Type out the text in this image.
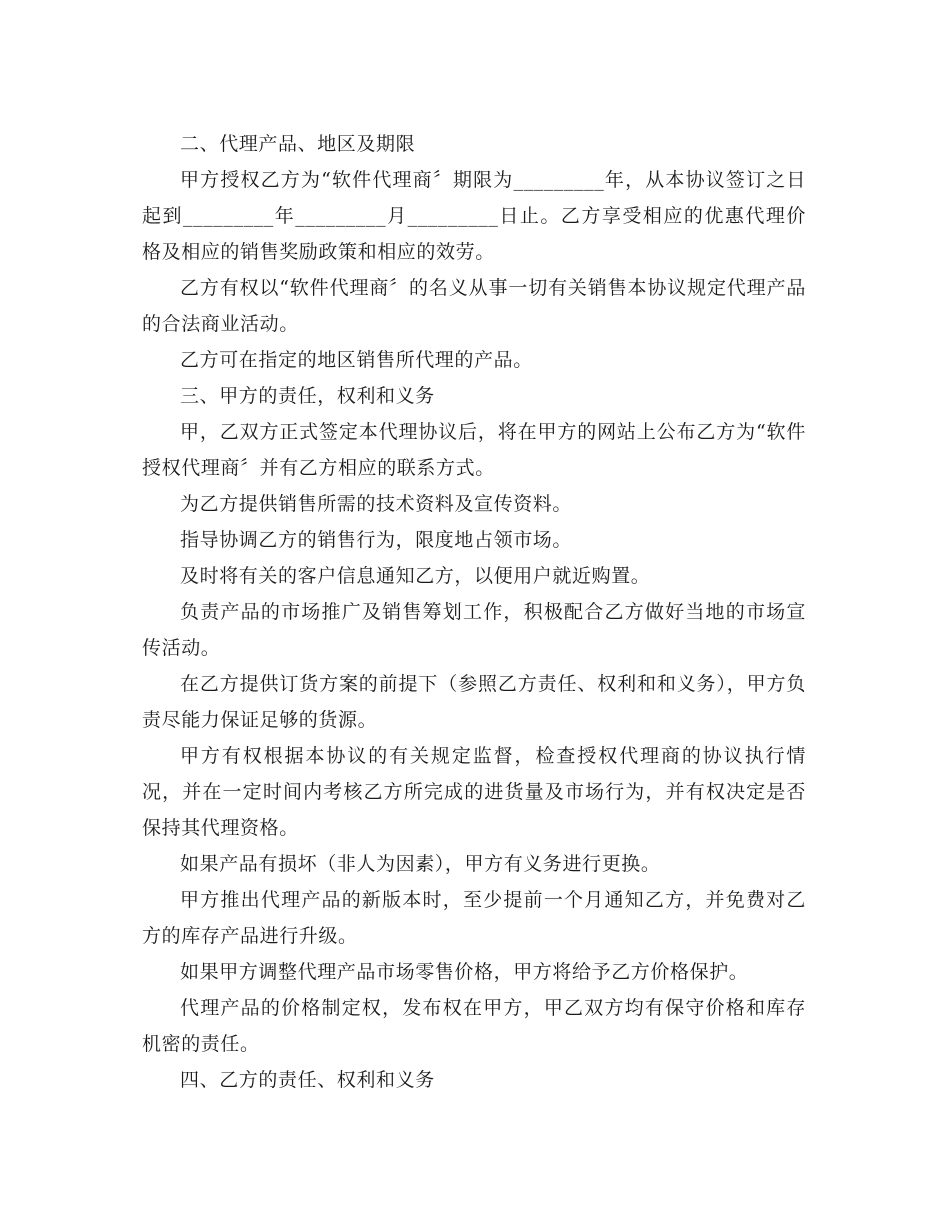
二、代理产品、地区及期限

甲方授权乙方为“软件代理商〞期限为_________年，从本协议签订之日起到_________年_________月_________日止。乙方享受相应的优惠代理价格及相应的销售奖励政策和相应的效劳。

乙方有权以“软件代理商〞的名义从事一切有关销售本协议规定代理产品的合法商业活动。

乙方可在指定的地区销售所代理的产品。

三、甲方的责任，权利和义务

甲，乙双方正式签定本代理协议后，将在甲方的网站上公布乙方为“软件授权代理商〞并有乙方相应的联系方式。

为乙方提供销售所需的技术资料及宣传资料。

指导协调乙方的销售行为，限度地占领市场。

及时将有关的客户信息通知乙方，以便用户就近购置。

负责产品的市场推广及销售筹划工作，积极配合乙方做好当地的市场宣传活动。

在乙方提供订货方案的前提下（参照乙方责任、权利和和义务），甲方负责尽能力保证足够的货源。

甲方有权根据本协议的有关规定监督，检查授权代理商的协议执行情况，并在一定时间内考核乙方所完成的进货量及市场行为，并有权决定是否保持其代理资格。

如果产品有损坏（非人为因素），甲方有义务进行更换。

甲方推出代理产品的新版本时，至少提前一个月通知乙方，并免费对乙方的库存产品进行升级。

如果甲方调整代理产品市场零售价格，甲方将给予乙方价格保护。

代理产品的价格制定权，发布权在甲方，甲乙双方均有保守价格和库存机密的责任。

四、乙方的责任、权利和义务
